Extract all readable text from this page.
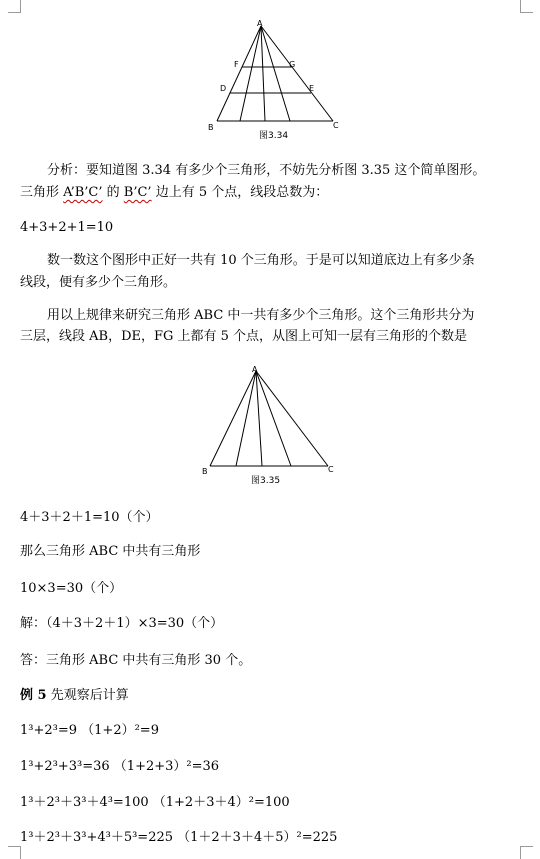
A
F	G
D	E
B	C
图3.34
分析：要知道图 3.34 有多少个三角形，不妨先分析图 3.35 这个简单图形。
三角形 A’B’C’ 的 B’C’ 边上有 5 个点，线段总数为：
4+3+2+1=10
数一数这个图形中正好一共有 10 个三角形。于是可以知道底边上有多少条
线段，便有多少个三角形。
用以上规律来研究三角形 ABC 中一共有多少个三角形。这个三角形共分为
三层，线段 AB，DE，FG 上都有 5 个点，从图上可知一层有三角形的个数是
A
B	C
图3.35
4＋3＋2＋1=10（个）
那么三角形 ABC 中共有三角形
10×3=30（个）
解：（4＋3＋2＋1）×3=30（个）
答：三角形 ABC 中共有三角形 30 个。
例 5 先观察后计算
1³+2³=9 （1+2）²=9
1³+2³+3³=36 （1+2+3）²=36
1³＋2³＋3³＋4³=100 （1+2＋3＋4）²=100
1³＋2³＋3³+4³＋5³=225 （1＋2＋3＋4＋5）²=225
